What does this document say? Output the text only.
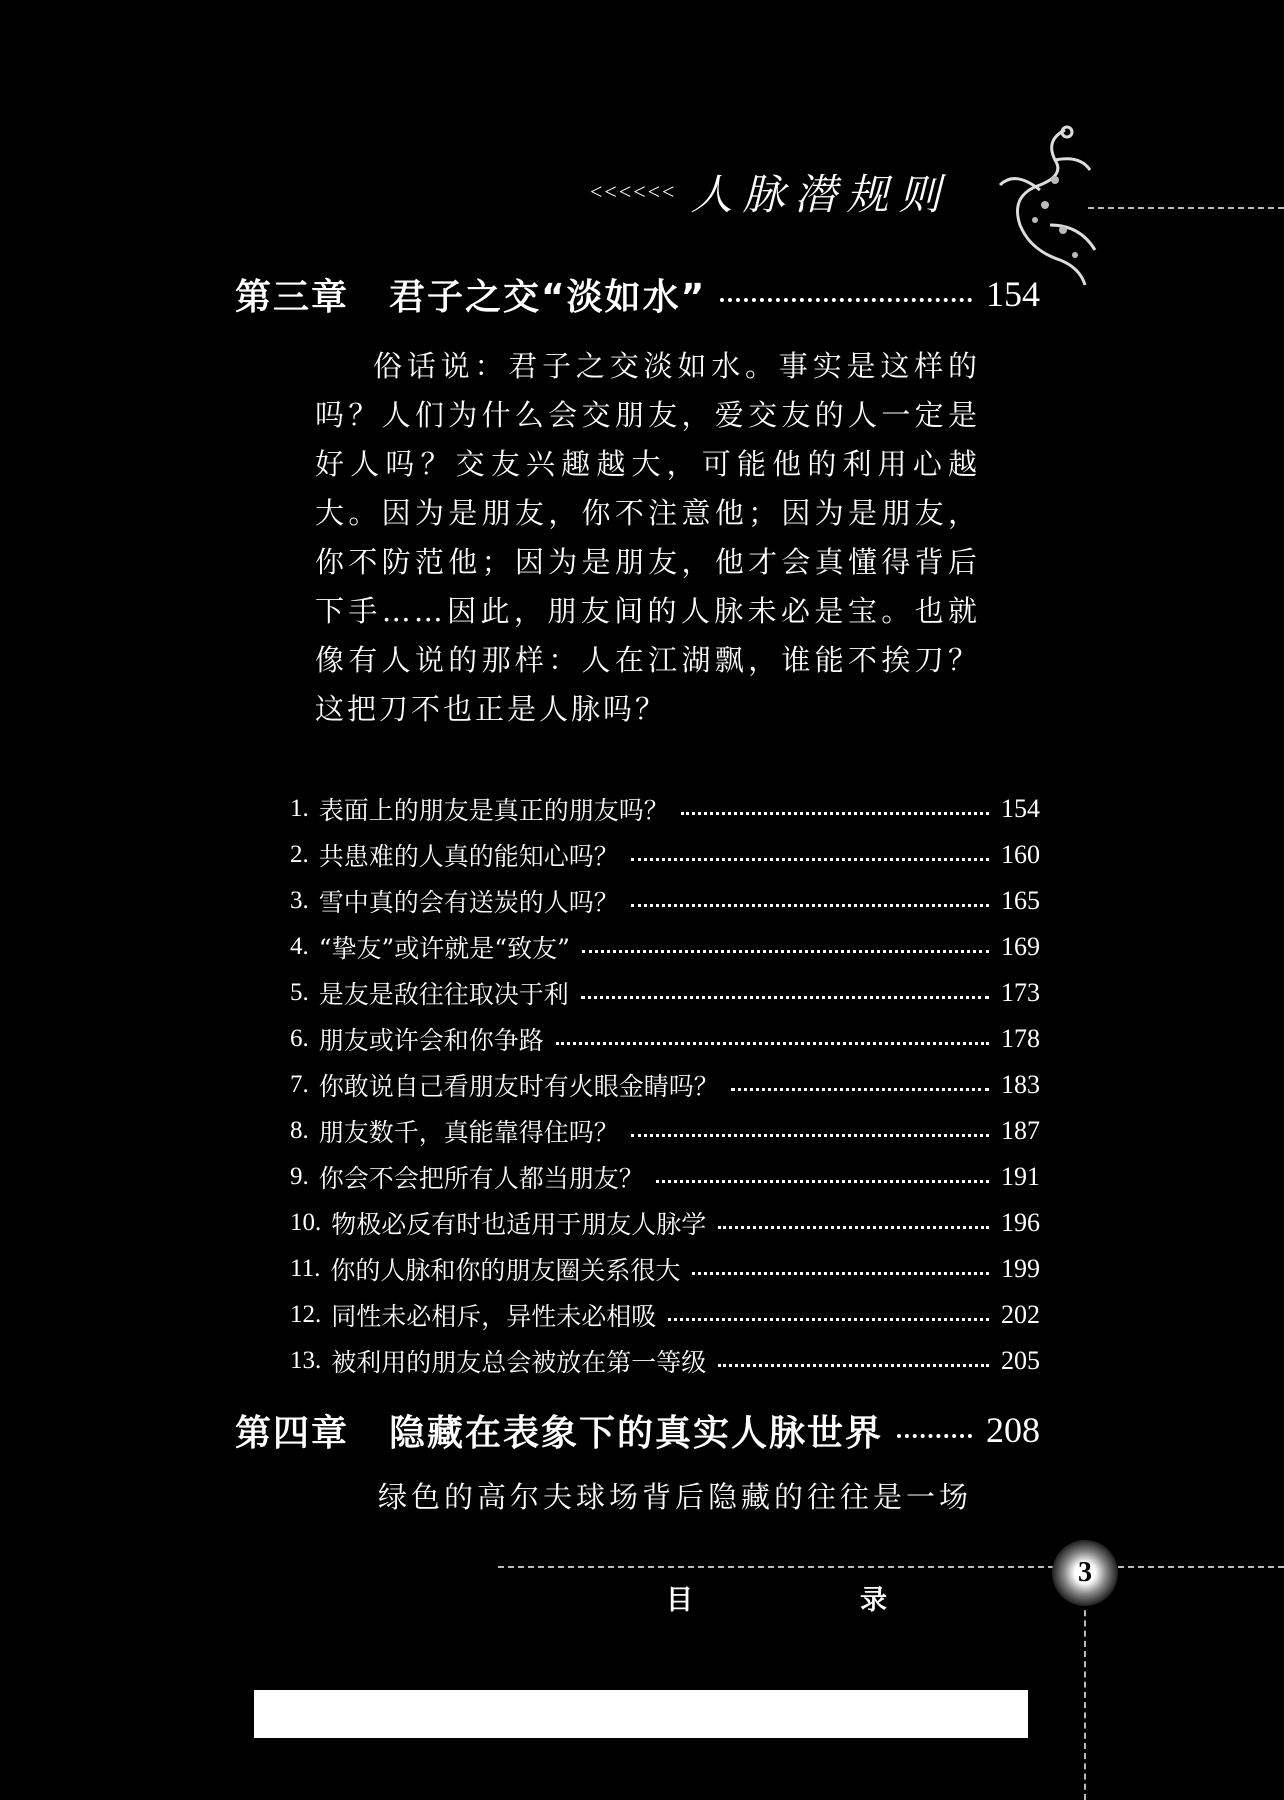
<<<<<< 人脉潜规则
第三章 君子之交“淡如水”	154

俗话说：君子之交淡如水。事实是这样的吗？人们为什么会交朋友，爱交友的人一定是好人吗？交友兴趣越大，可能他的利用心越大。因为是朋友，你不注意他；因为是朋友，你不防范他；因为是朋友，他才会真懂得背后下手……因此，朋友间的人脉未必是宝。也就像有人说的那样：人在江湖飘，谁能不挨刀？这把刀不也正是人脉吗？

1. 表面上的朋友是真正的朋友吗？	154
2. 共患难的人真的能知心吗？	160
3. 雪中真的会有送炭的人吗？	165
4. “挚友”或许就是“致友”	169
5. 是友是敌往往取决于利	173
6. 朋友或许会和你争路	178
7. 你敢说自己看朋友时有火眼金睛吗？	183
8. 朋友数千，真能靠得住吗？	187
9. 你会不会把所有人都当朋友？	191
10. 物极必反有时也适用于朋友人脉学	196
11. 你的人脉和你的朋友圈关系很大	199
12. 同性未必相斥，异性未必相吸	202
13. 被利用的朋友总会被放在第一等级	205
第四章 隐藏在表象下的真实人脉世界	208
绿色的高尔夫球场背后隐藏的往往是一场
3
目	录
